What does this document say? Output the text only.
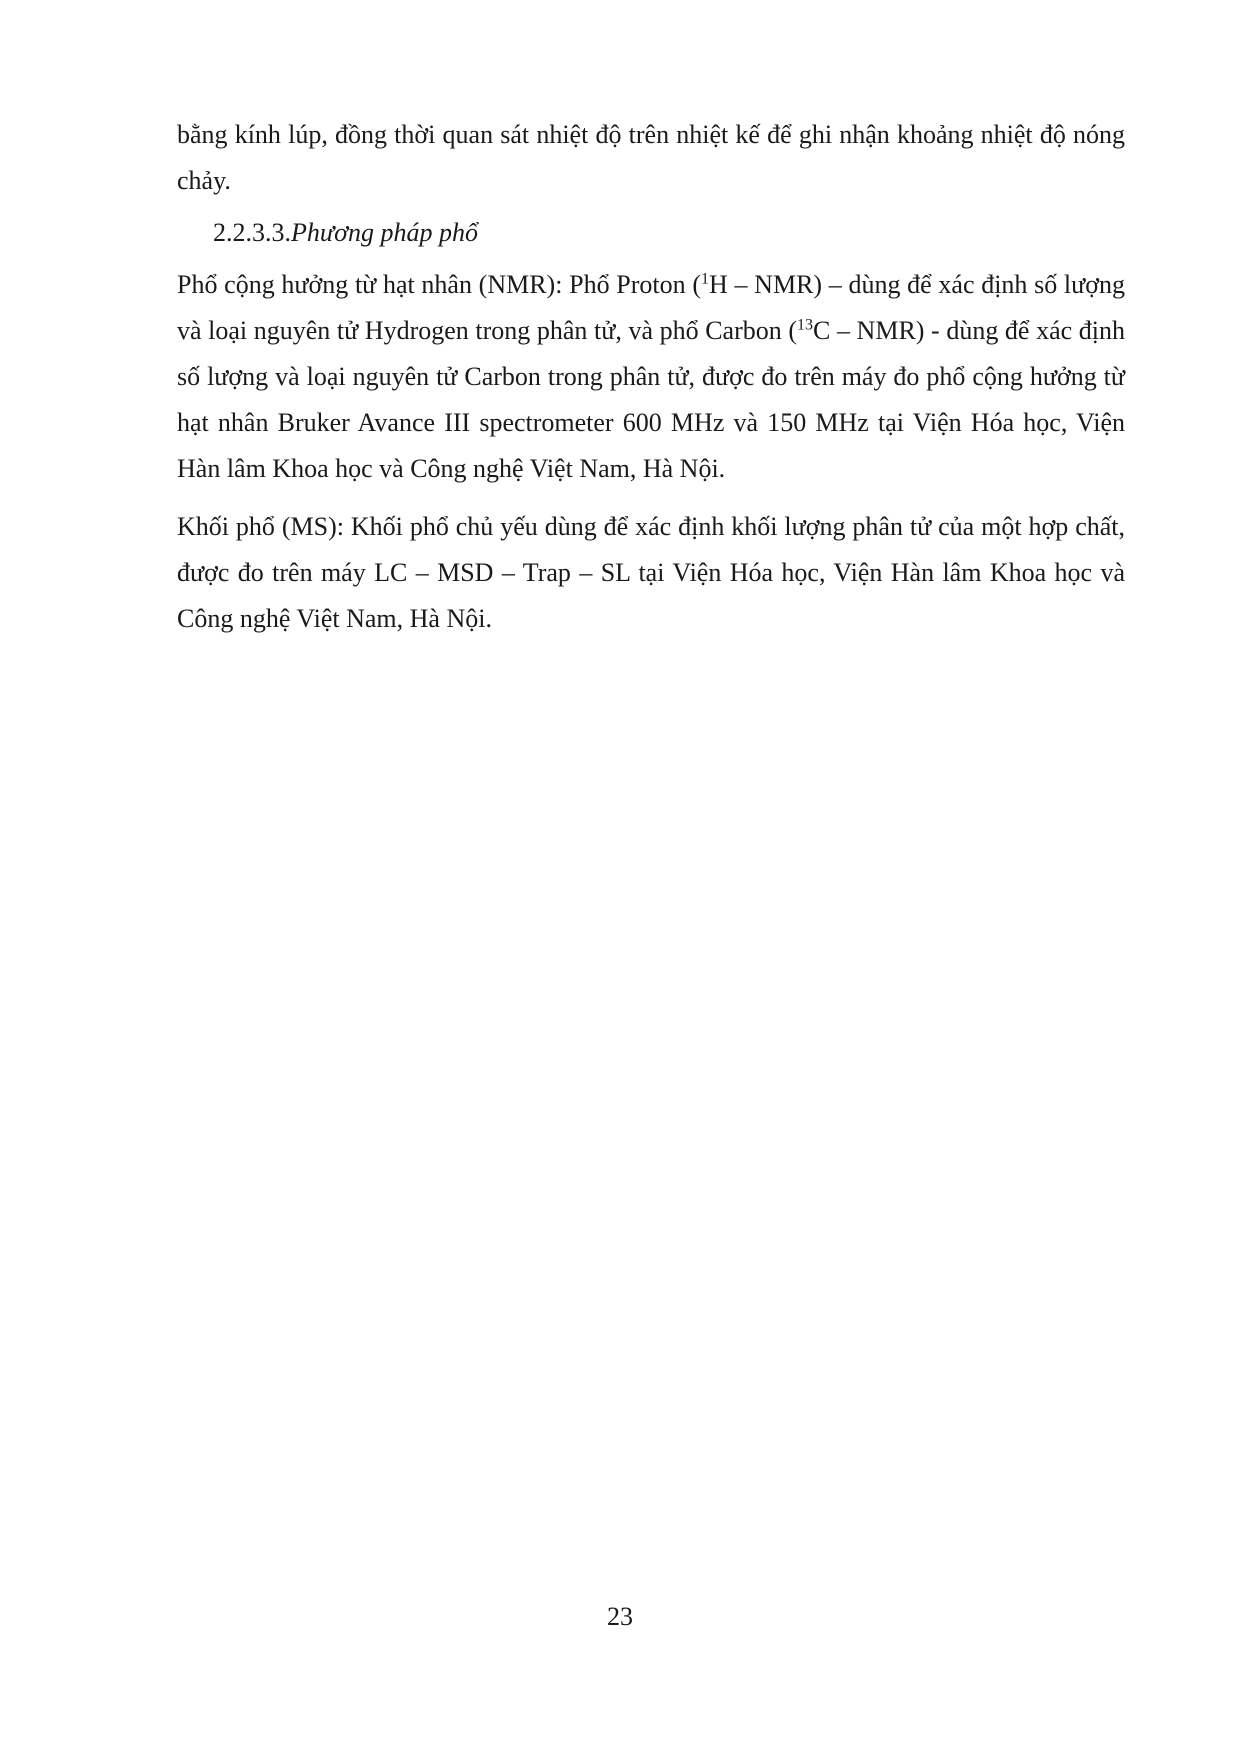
bằng kính lúp, đồng thời quan sát nhiệt độ trên nhiệt kế để ghi nhận khoảng nhiệt độ nóng chảy.

2.2.3.3.Phương pháp phổ

Phổ cộng hưởng từ hạt nhân (NMR): Phổ Proton ($^1$H – NMR) – dùng để xác định số lượng và loại nguyên tử Hydrogen trong phân tử, và phổ Carbon ($^{13}$C – NMR) - dùng để xác định số lượng và loại nguyên tử Carbon trong phân tử, được đo trên máy đo phổ cộng hưởng từ hạt nhân Bruker Avance III spectrometer 600 MHz và 150 MHz tại Viện Hóa học, Viện Hàn lâm Khoa học và Công nghệ Việt Nam, Hà Nội.

Khối phổ (MS): Khối phổ chủ yếu dùng để xác định khối lượng phân tử của một hợp chất, được đo trên máy LC – MSD – Trap – SL tại Viện Hóa học, Viện Hàn lâm Khoa học và Công nghệ Việt Nam, Hà Nội.

23
